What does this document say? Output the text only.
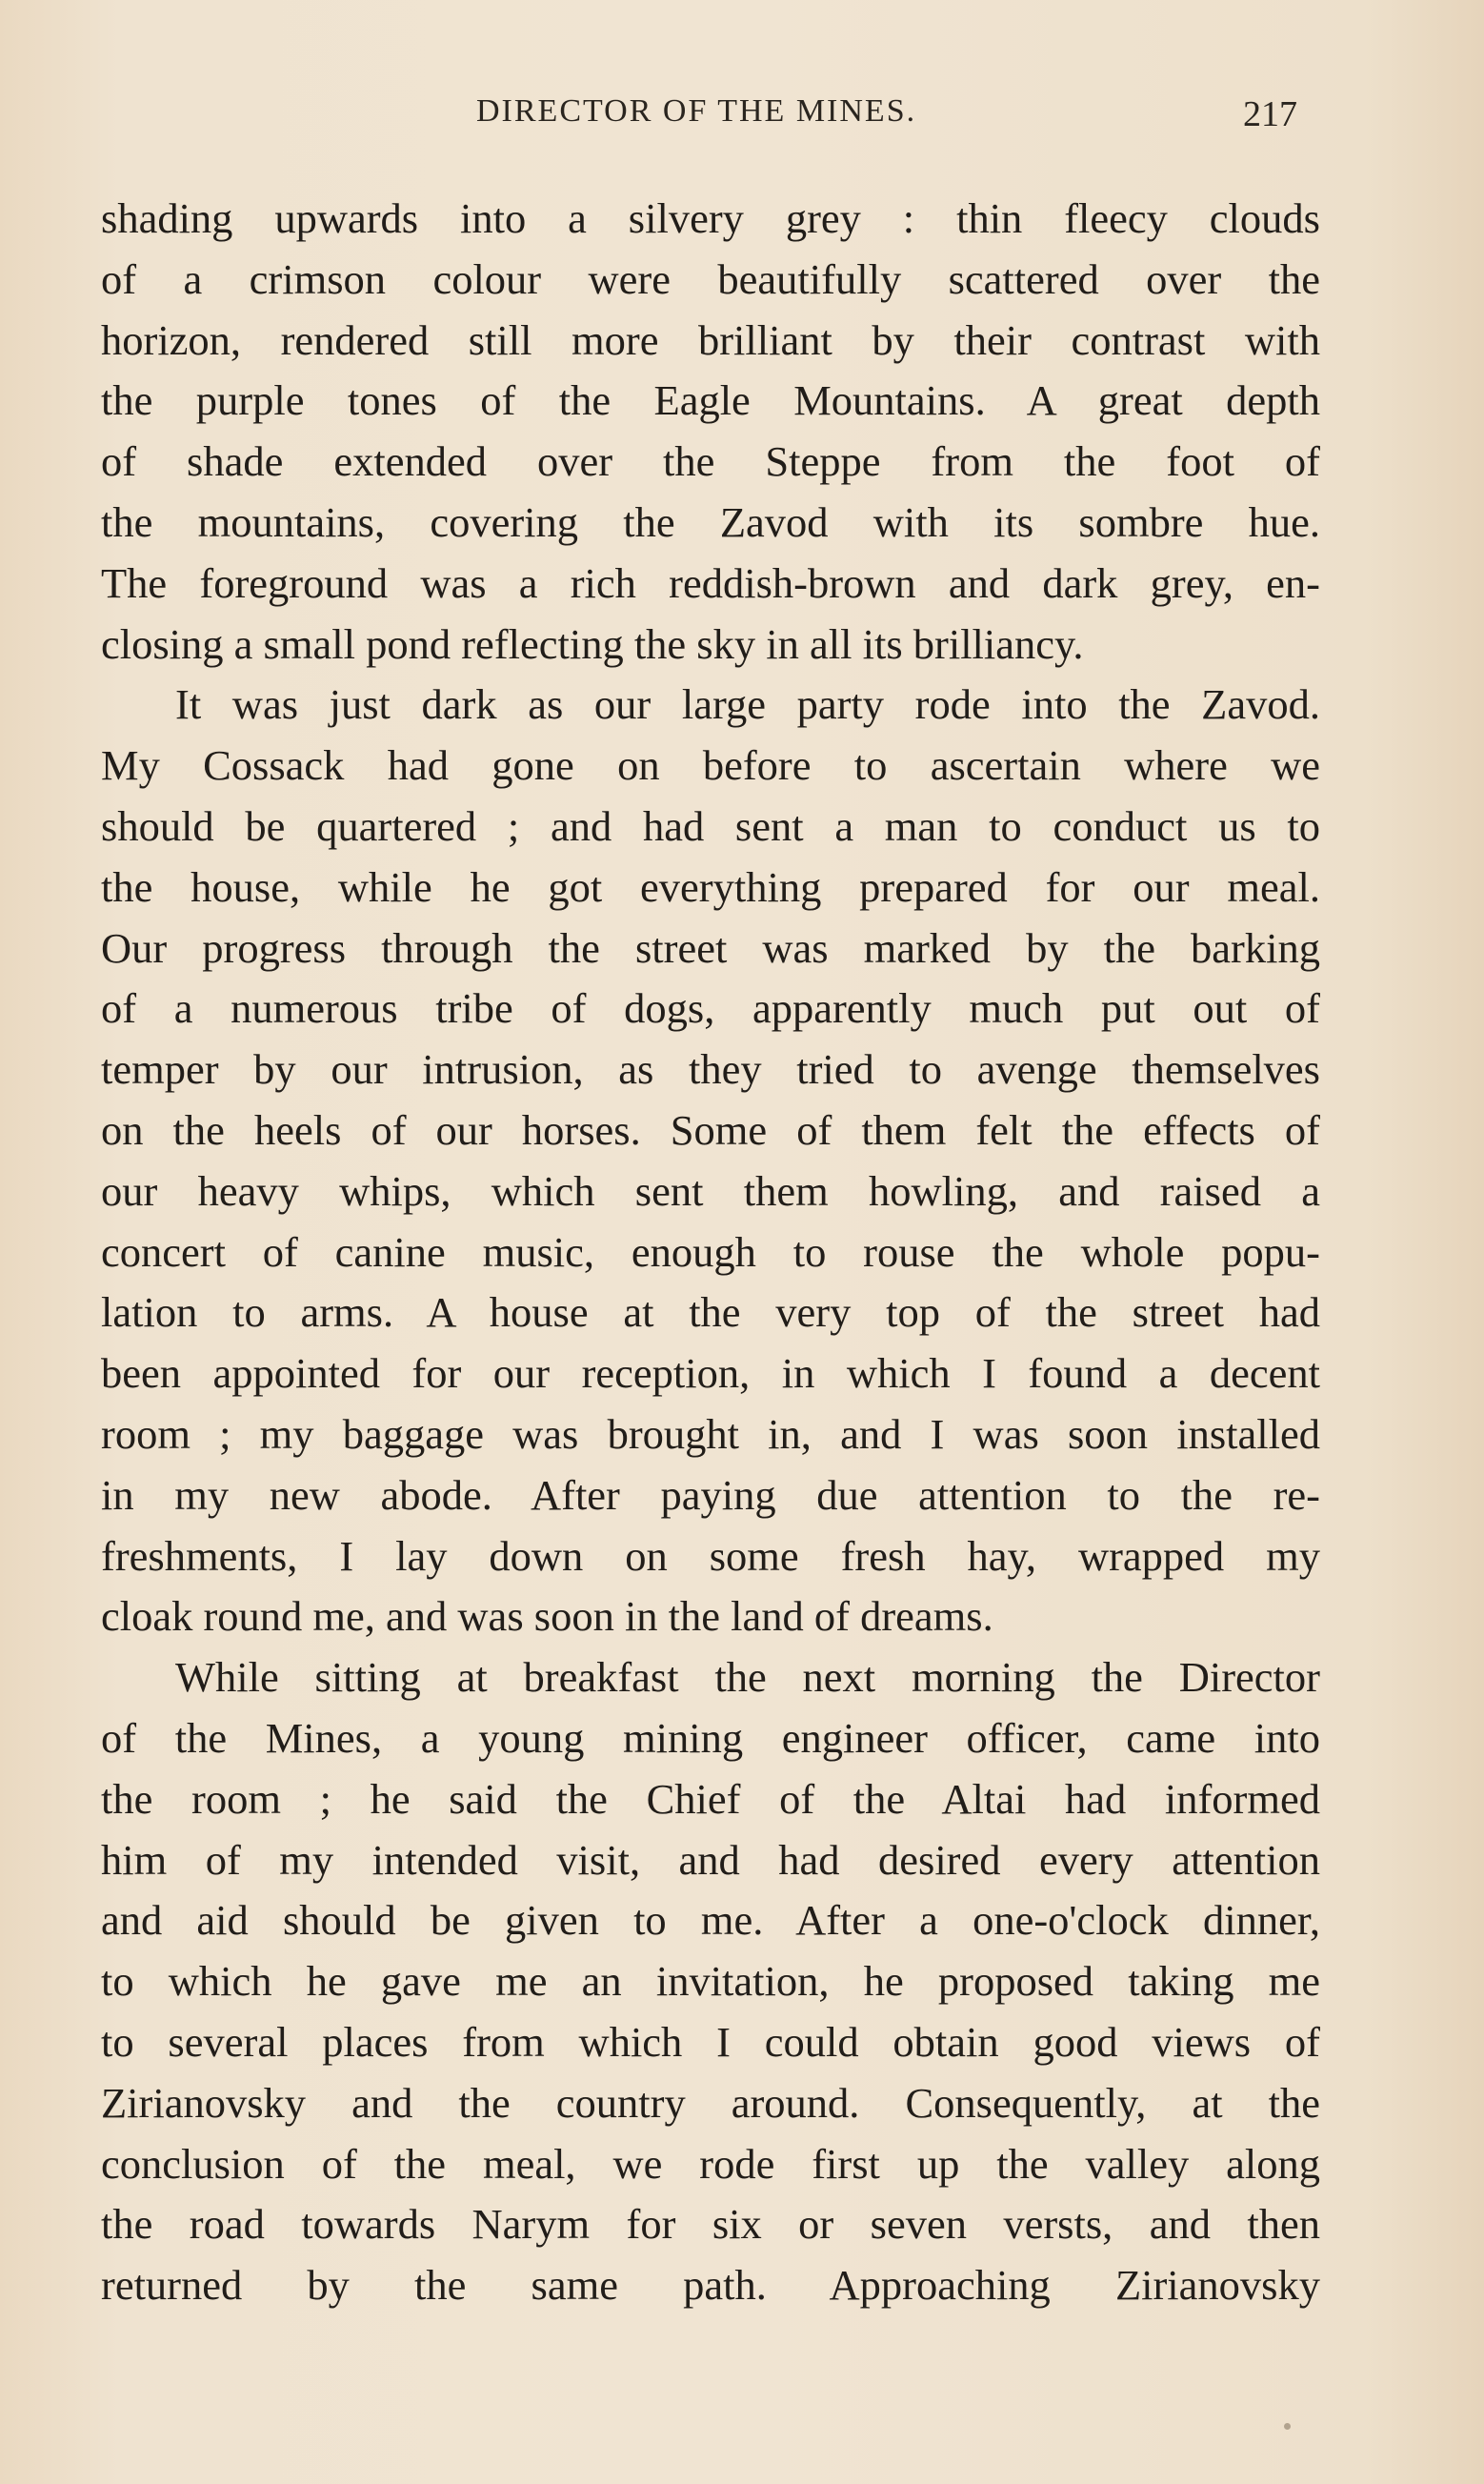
DIRECTOR OF THE MINES.	217
shading upwards into a silvery grey : thin fleecy clouds
of a crimson colour were beautifully scattered over the
horizon, rendered still more brilliant by their contrast with
the purple tones of the Eagle Mountains. A great depth
of shade extended over the Steppe from the foot of
the mountains, covering the Zavod with its sombre hue.
The foreground was a rich reddish-brown and dark grey, en-
closing a small pond reflecting the sky in all its brilliancy.
It was just dark as our large party rode into the Zavod.
My Cossack had gone on before to ascertain where we
should be quartered ; and had sent a man to conduct us to
the house, while he got everything prepared for our meal.
Our progress through the street was marked by the barking
of a numerous tribe of dogs, apparently much put out of
temper by our intrusion, as they tried to avenge themselves
on the heels of our horses. Some of them felt the effects of
our heavy whips, which sent them howling, and raised a
concert of canine music, enough to rouse the whole popu-
lation to arms. A house at the very top of the street had
been appointed for our reception, in which I found a decent
room ; my baggage was brought in, and I was soon installed
in my new abode. After paying due attention to the re-
freshments, I lay down on some fresh hay, wrapped my
cloak round me, and was soon in the land of dreams.
While sitting at breakfast the next morning the Director
of the Mines, a young mining engineer officer, came into
the room ; he said the Chief of the Altai had informed
him of my intended visit, and had desired every attention
and aid should be given to me. After a one-o'clock dinner,
to which he gave me an invitation, he proposed taking me
to several places from which I could obtain good views of
Zirianovsky and the country around. Consequently, at the
conclusion of the meal, we rode first up the valley along
the road towards Narym for six or seven versts, and then
returned by the same path. Approaching Zirianovsky
